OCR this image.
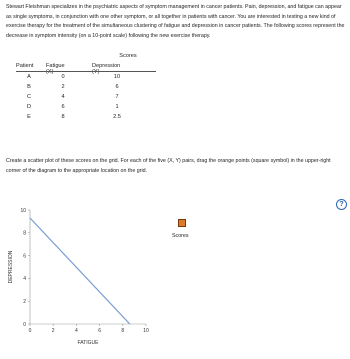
Stewart Fleishman specializes in the psychiatric aspects of symptom management in cancer patients. Pain, depression, and fatigue can appear as single symptoms, in conjunction with one other symptom, or all together in patients with cancer. You are interested in testing a new kind of exercise therapy for the treatment of the simultaneous clustering of fatigue and depression in cancer patients. The following scores represent the decrease in symptom intensity (on a 10-point scale) following the new exercise therapy.
Scores
Patient Fatigue (X)
Depression (Y)
A	0	10
B	2	6
C	4	7
D	6	1
E	8	2.5
Create a scatter plot of these scores on the grid. For each of the five (X, Y) pairs, drag the orange points (square symbol) in the upper-right corner of the diagram to the appropriate location on the grid.
?
0	2	4	6	8	10
0
2
4
6
8
10
FATIGUE
DEPRESSION
Scores
